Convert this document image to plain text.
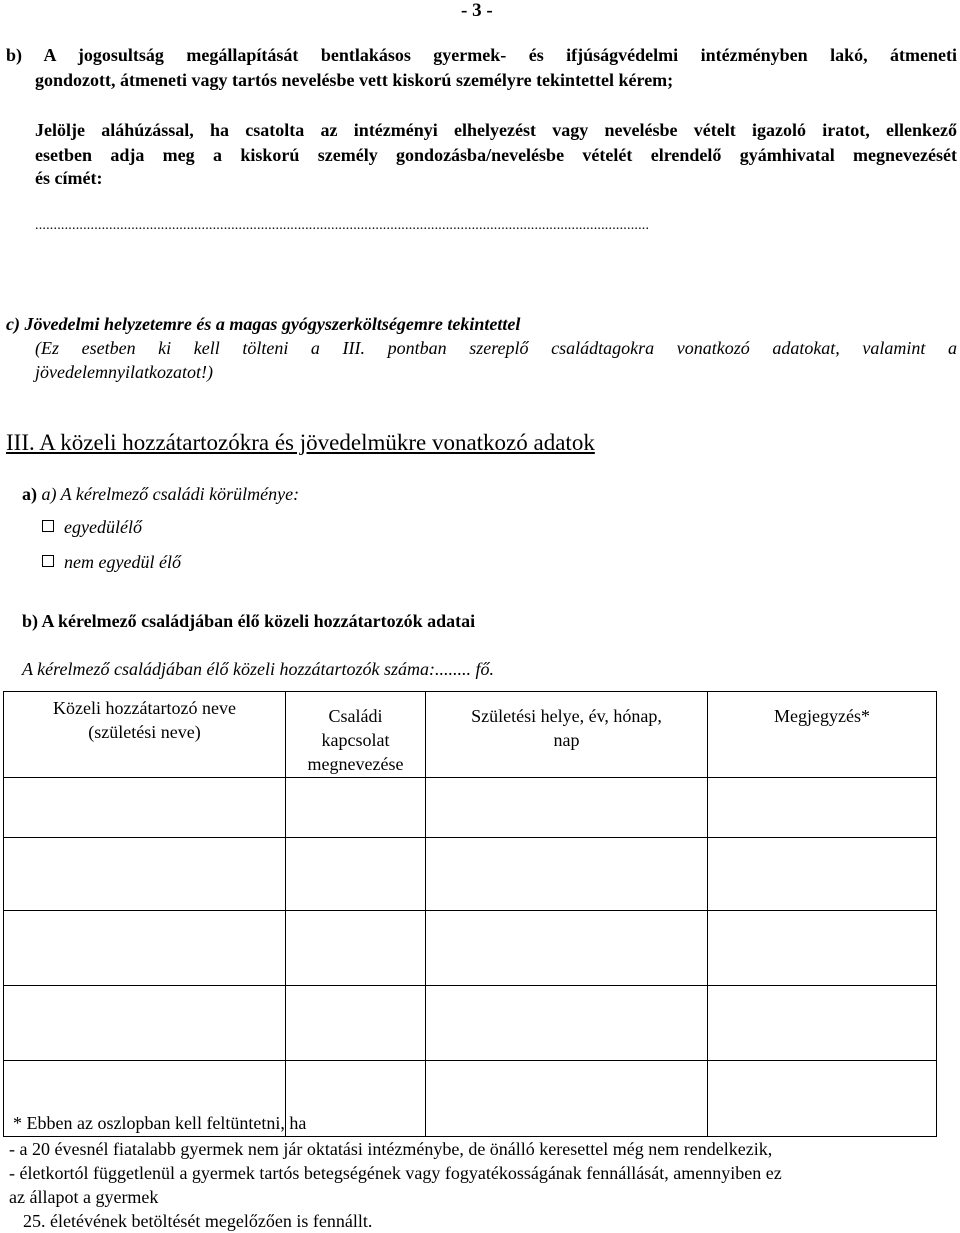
- 3 -
b) A jogosultság megállapítását bentlakásos gyermek- és ifjúságvédelmi intézményben lakó, átmeneti
gondozott, átmeneti vagy tartós nevelésbe vett kiskorú személyre tekintettel kérem;
Jelölje aláhúzással, ha csatolta az intézményi elhelyezést vagy nevelésbe vételt igazoló iratot, ellenkező
esetben adja meg a kiskorú személy gondozásba/nevelésbe vételét elrendelő gyámhivatal megnevezését
és címét:
......................................................................................................................................................................
c) Jövedelmi helyzetemre és a magas gyógyszerköltségemre tekintettel
(Ez esetben ki kell tölteni a III. pontban szereplő családtagokra vonatkozó adatokat, valamint a
jövedelemnyilatkozatot!)
III. A közeli hozzátartozókra és jövedelmükre vonatkozó adatok
a) a) A kérelmező családi körülménye:
egyedülélő
nem egyedül élő
b) A kérelmező családjában élő közeli hozzátartozók adatai
A kérelmező családjában élő közeli hozzátartozók száma:........ fő.
Közeli hozzátartozó neve
(születési neve)	Családi
kapcsolat
megnevezése	Születési helye, év, hónap,
nap	Megjegyzés*

* Ebben az oszlopban kell feltüntetni, ha
- a 20 évesnél fiatalabb gyermek nem jár oktatási intézménybe, de önálló keresettel még nem rendelkezik,
- életkortól függetlenül a gyermek tartós betegségének vagy fogyatékosságának fennállását, amennyiben ez
az állapot a gyermek
25. életévének betöltését megelőzően is fennállt.
